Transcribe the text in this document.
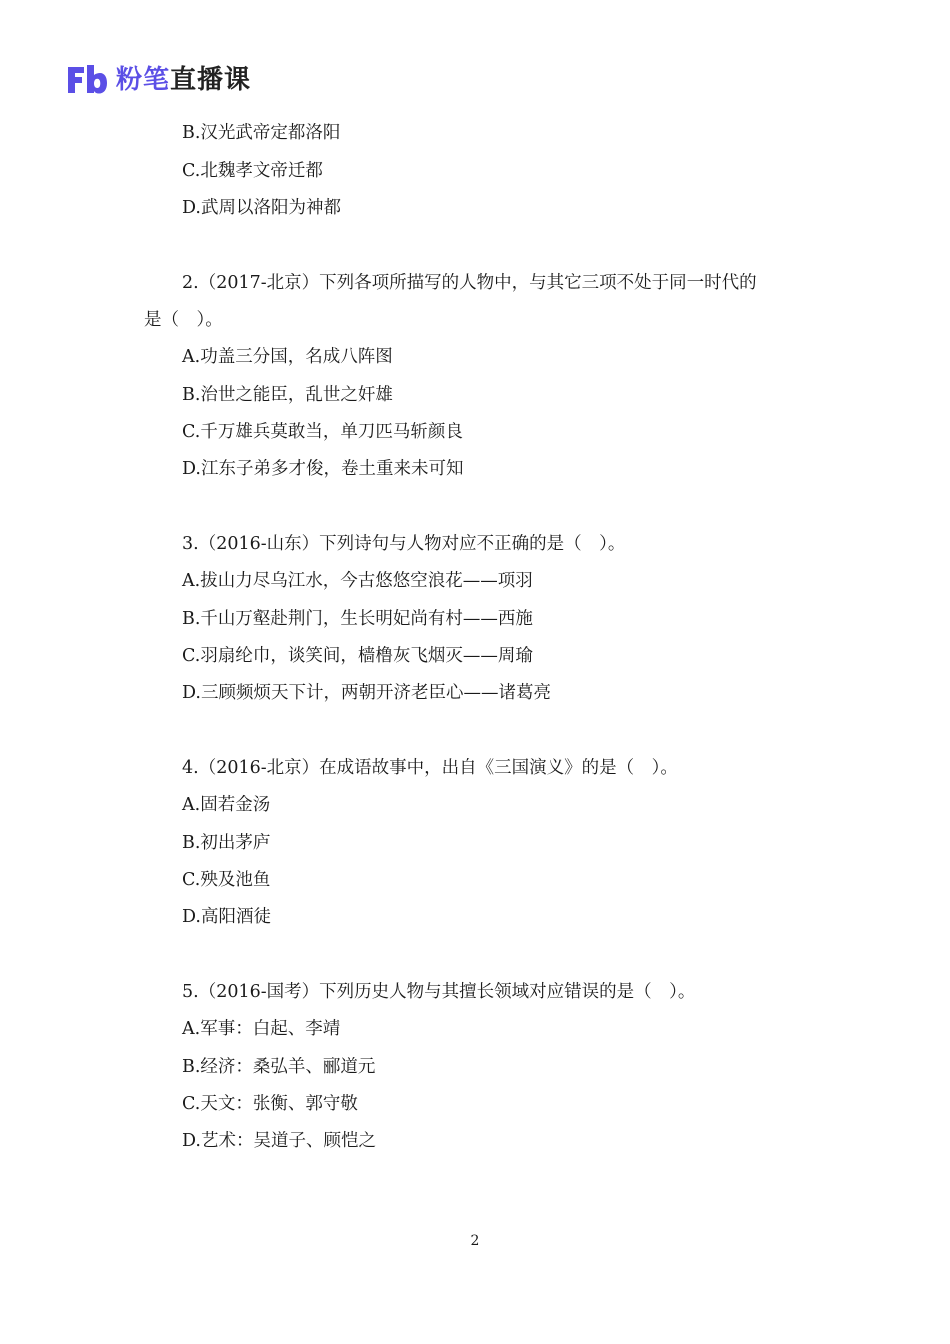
粉笔直播课
B.汉光武帝定都洛阳
C.北魏孝文帝迁都
D.武周以洛阳为神都
2.（2017-北京）下列各项所描写的人物中，与其它三项不处于同一时代的
是（　）。
A.功盖三分国，名成八阵图
B.治世之能臣，乱世之奸雄
C.千万雄兵莫敢当，单刀匹马斩颜良
D.江东子弟多才俊，卷土重来未可知
3.（2016-山东）下列诗句与人物对应不正确的是（　）。
A.拔山力尽乌江水，今古悠悠空浪花——项羽
B.千山万壑赴荆门，生长明妃尚有村——西施
C.羽扇纶巾，谈笑间，樯橹灰飞烟灭——周瑜
D.三顾频烦天下计，两朝开济老臣心——诸葛亮
4.（2016-北京）在成语故事中，出自《三国演义》的是（　）。
A.固若金汤
B.初出茅庐
C.殃及池鱼
D.高阳酒徒
5.（2016-国考）下列历史人物与其擅长领域对应错误的是（　）。
A.军事：白起、李靖
B.经济：桑弘羊、郦道元
C.天文：张衡、郭守敬
D.艺术：吴道子、顾恺之
2
